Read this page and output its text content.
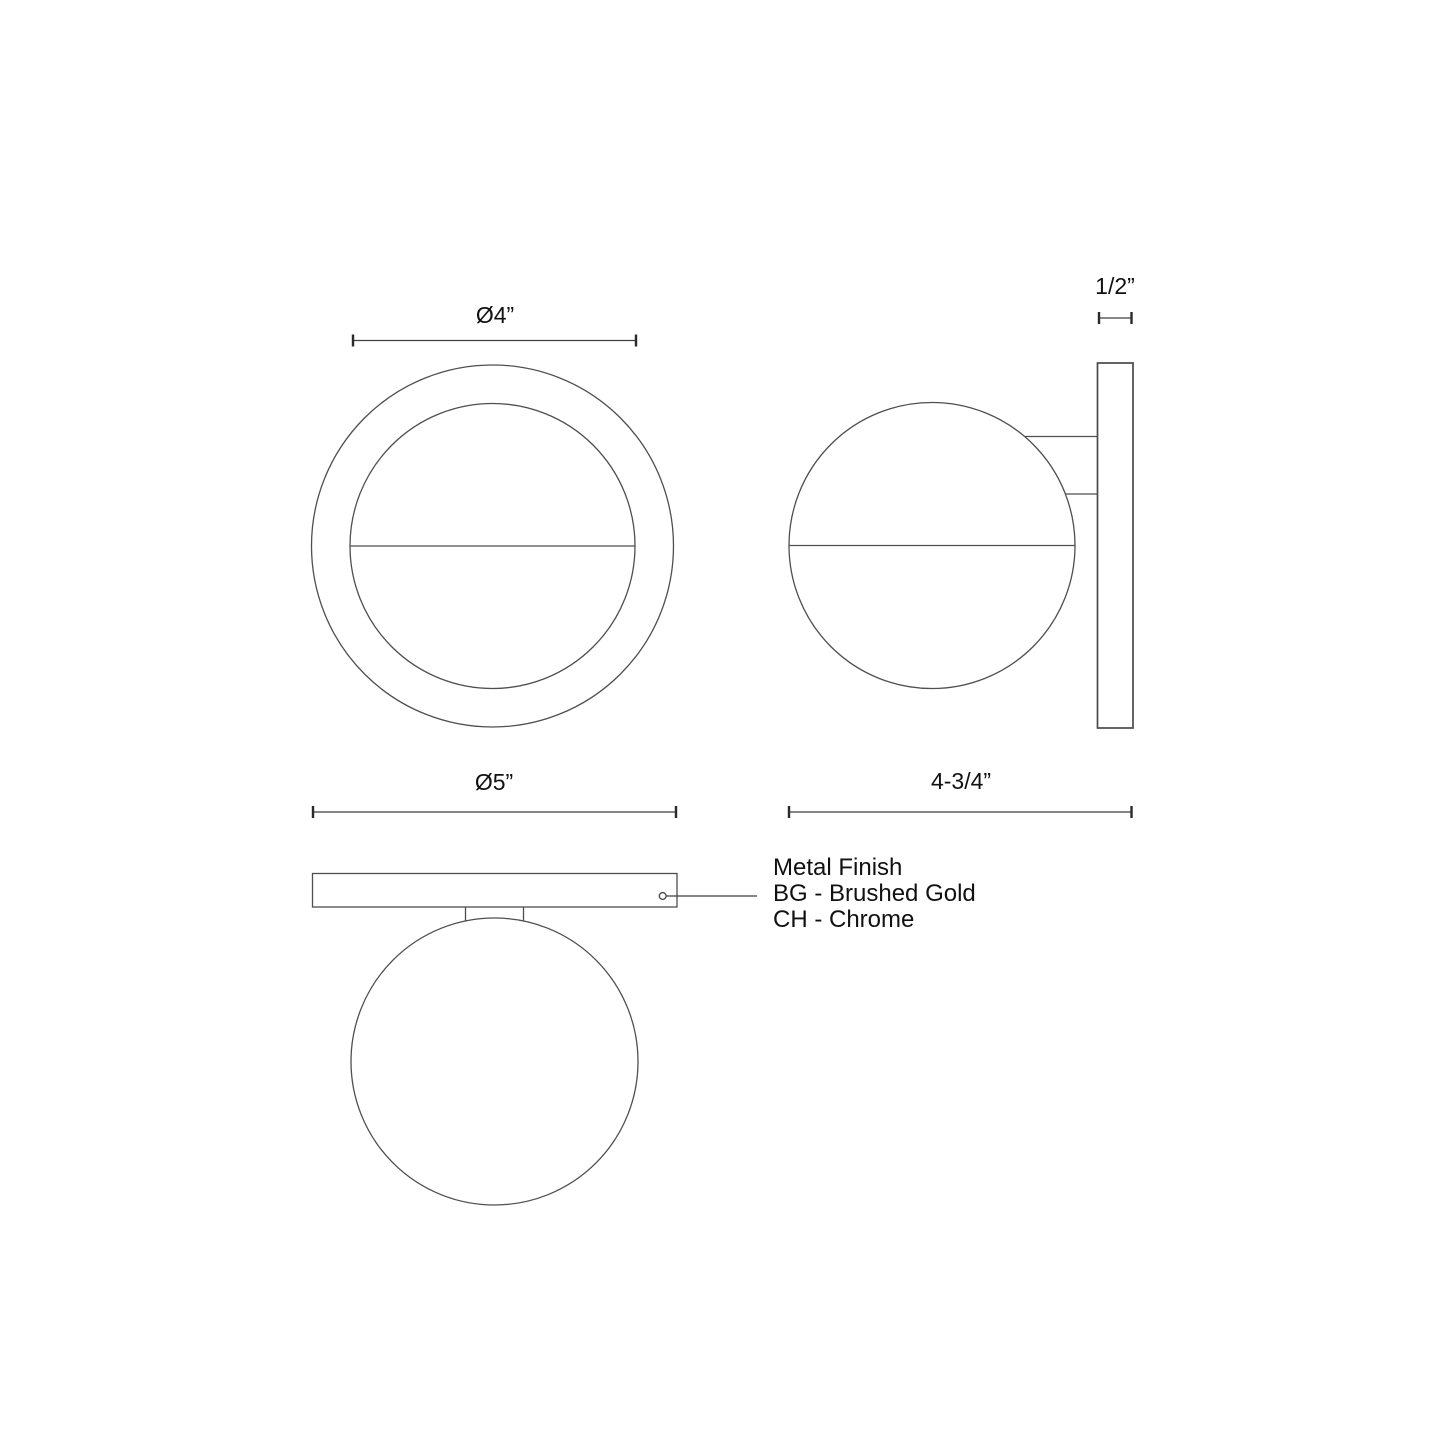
Ø4”
1/2”
4-3/4”
Ø5”
Metal Finish
BG - Brushed Gold
CH - Chrome
